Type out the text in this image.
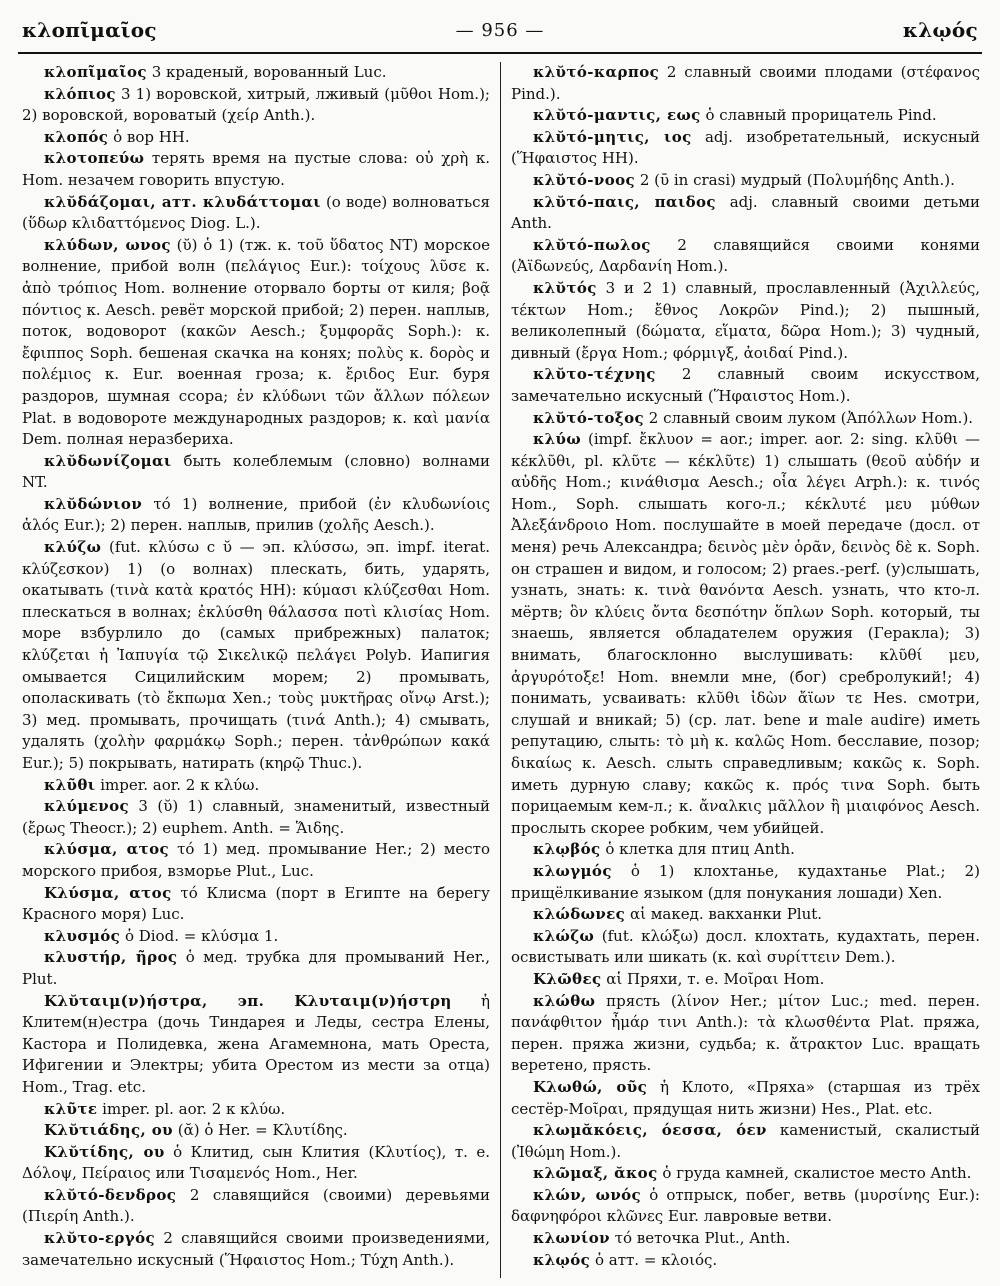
κλοπῖμαῖος	— 956 —	κλῳός

κλοπῖμαῖος 3 краденый, ворованный Luc.

κλόπιος 3 1) воровской, хитрый, лживый (μῦθοι Hom.); 2) воровской, вороватый (χείρ Anth.).

κλοπός ὁ вор HH.

κλοτοπεύω терять время на пустые слова: οὐ χρὴ κ. Hom. незачем говорить впустую.

κλῠδάζομαι, атт. κλυδάττομαι (о воде) волноваться (ὕδωρ κλιδαττόμενος Diog. L.).

κλύδων, ωνος (ῠ) ὁ 1) (тж. κ. τοῦ ὕδατος NT) морское волнение, прибой волн (πελάγιος Eur.): τοίχους λῦσε κ. ἀπὸ τρόπιος Hom. волнение оторвало борты от киля; βοᾷ πόντιος κ. Aesch. ревёт морской прибой; 2) перен. наплыв, поток, водоворот (κακῶν Aesch.; ξυμφορᾶς Soph.): κ. ἔφιππος Soph. бешеная скачка на конях; πολὺς κ. δορὸς и πολέμιος κ. Eur. военная гроза; κ. ἔριδος Eur. буря раздоров, шумная ссора; ἐν κλύδωνι τῶν ἄλλων πόλεων Plat. в водовороте международных раздоров; κ. καὶ μανία Dem. полная неразбериха.

κλῠδωνίζομαι быть колеблемым (словно) волнами NT.

κλῠδώνιον τό 1) волнение, прибой (ἐν κλυδωνίοις ἁλός Eur.); 2) перен. наплыв, прилив (χολῆς Aesch.).

κλύζω (fut. κλύσω с ῠ — эп. κλύσσω, эп. impf. iterat. κλύζεσκον) 1) (о волнах) плескать, бить, ударять, окатывать (τινὰ κατὰ κρατός HH): κύμασι κλύζεσθαι Hom. плескаться в волнах; ἐκλύσθη θάλασσα ποτὶ κλισίας Hom. море взбурлило до (самых прибрежных) палаток; κλύζεται ἡ Ἰαπυγία τῷ Σικελικῷ πελάγει Polyb. Иапигия омывается Сицилийским морем; 2) промывать, ополаскивать (τὸ ἔκπωμα Xen.; τοὺς μυκτῆρας οἴνῳ Arst.); 3) мед. промывать, прочищать (τινά Anth.); 4) смывать, удалять (χολὴν φαρμάκῳ Soph.; перен. τἀνθρώπων κακά Eur.); 5) покрывать, натирать (κηρῷ Thuc.).

κλῦθι imper. aor. 2 к κλύω.

κλύμενος 3 (ῠ) 1) славный, знаменитый, известный (ἔρως Theocr.); 2) euphem. Anth. = Ἅιδης.

κλύσμα, ατος τό 1) мед. промывание Her.; 2) место морского прибоя, взморье Plut., Luc.

Κλύσμα, ατος τό Клисма (порт в Египте на берегу Красного моря) Luc.

κλυσμός ὁ Diod. = κλύσμα 1.

κλυστήρ, ῆρος ὁ мед. трубка для промываний Her., Plut.

Κλῠταιμ(ν)ήστρα, эп. Κλυταιμ(ν)ήστρη ἡ Клитем(н)естра (дочь Тиндарея и Леды, сестра Елены, Кастора и Полидевка, жена Агамемнона, мать Ореста, Ифигении и Электры; убита Орестом из мести за отца) Hom., Trag. etc.

κλῦτε imper. pl. aor. 2 к κλύω.

Κλῠτιάδης, ου (ᾰ) ὁ Her. = Κλυτίδης.

Κλῠτίδης, ου ὁ Клитид, сын Клития (Κλυτίος), т. е. Δόλοψ, Πείραιος или Τισαμενός Hom., Her.

κλῠτό-δενδρος 2 славящийся (своими) деревьями (Πιερίη Anth.).

κλῠτο-εργός 2 славящийся своими произведениями, замечательно искусный (Ἥφαιστος Hom.; Τύχη Anth.).

κλῠτό-καρπος 2 славный своими плодами (στέφανος Pind.).

κλῠτό-μαντις, εως ὁ славный прорицатель Pind.

κλῠτό-μητις, ιος adj. изобретательный, искусный (Ἥφαιστος HH).

κλῠτό-νοος 2 (ῡ in crasi) мудрый (Πολυμήδης Anth.).

κλῠτό-παις, παιδος adj. славный своими детьми Anth.

κλῠτό-πωλος 2 славящийся своими конями (Ἀϊδωνεύς, Δαρδανίη Hom.).

κλῠτός 3 и 2 1) славный, прославленный (Ἀχιλλεύς, τέκτων Hom.; ἔθνος Λοκρῶν Pind.); 2) пышный, великолепный (δώματα, εἵματα, δῶρα Hom.); 3) чудный, дивный (ἔργα Hom.; φόρμιγξ, ἀοιδαί Pind.).

κλῠτο-τέχνης 2 славный своим искусством, замечательно искусный (Ἥφαιστος Hom.).

κλῠτό-τοξος 2 славный своим луком (Ἀπόλλων Hom.).

κλύω (impf. ἔκλυον = aor.; imper. aor. 2: sing. κλῦθι — κέκλῦθι, pl. κλῦτε — κέκλῦτε) 1) слышать (θεοῦ αὐδήν и αὐδῆς Hom.; κινάθισμα Aesch.; οἷα λέγει Arph.): κ. τινός Hom., Soph. слышать кого-л.; κέκλυτέ μευ μύθων Ἀλεξάνδροιο Hom. послушайте в моей передаче (досл. от меня) речь Александра; δεινὸς μὲν ὁρᾶν, δεινὸς δὲ κ. Soph. он страшен и видом, и голосом; 2) praes.-perf. (у)слышать, узнать, знать: κ. τινὰ θανόντα Aesch. узнать, что кто-л. мёртв; ὃν κλύεις ὄντα δεσπότην ὅπλων Soph. который, ты знаешь, является обладателем оружия (Геракла); 3) внимать, благосклонно выслушивать: κλῦθί μευ, ἀργυρότοξε! Hom. внемли мне, (бог) сребролукий!; 4) понимать, усваивать: κλῦθι ἰδὼν ἄϊων τε Hes. смотри, слушай и вникай; 5) (ср. лат. bene и male audire) иметь репутацию, слыть: τὸ μὴ κ. καλῶς Hom. бесславие, позор; δικαίως κ. Aesch. слыть справедливым; κακῶς κ. Soph. иметь дурную славу; κακῶς κ. πρός τινα Soph. быть порицаемым кем-л.; κ. ἄναλκις μᾶλλον ἢ μιαιφόνος Aesch. прослыть скорее робким, чем убийцей.

κλῳβός ὁ клетка для птиц Anth.

κλωγμός ὁ 1) клохтанье, кудахтанье Plat.; 2) прищёлкивание языком (для понукания лошади) Xen.

κλώδωνες αἱ макед. вакханки Plut.

κλώζω (fut. κλώξω) досл. клохтать, кудахтать, перен. освистывать или шикать (κ. καὶ συρίττειν Dem.).

Κλῶθες αἱ Пряхи, т. е. Μοῖραι Hom.

κλώθω прясть (λίνον Her.; μίτον Luc.; med. перен. πανάφθιτον ἦμάρ τινι Anth.): τὰ κλωσθέντα Plat. пряжа, перен. пряжа жизни, судьба; κ. ἄτρακτον Luc. вращать веретено, прясть.

Κλωθώ, οῦς ἡ Клото, «Пряха» (старшая из трёх сестёр-Μοῖραι, прядущая нить жизни) Hes., Plat. etc.

κλωμᾰκόεις, όεσσα, όεν каменистый, скалистый (Ἰθώμη Hom.).

κλῶμαξ, ᾰκος ὁ груда камней, скалистое место Anth.

κλών, ωνός ὁ отпрыск, побег, ветвь (μυρσίνης Eur.): δαφνηφόροι κλῶνες Eur. лавровые ветви.

κλωνίον τό веточка Plut., Anth.

κλῳός ὁ атт. = κλοιός.
